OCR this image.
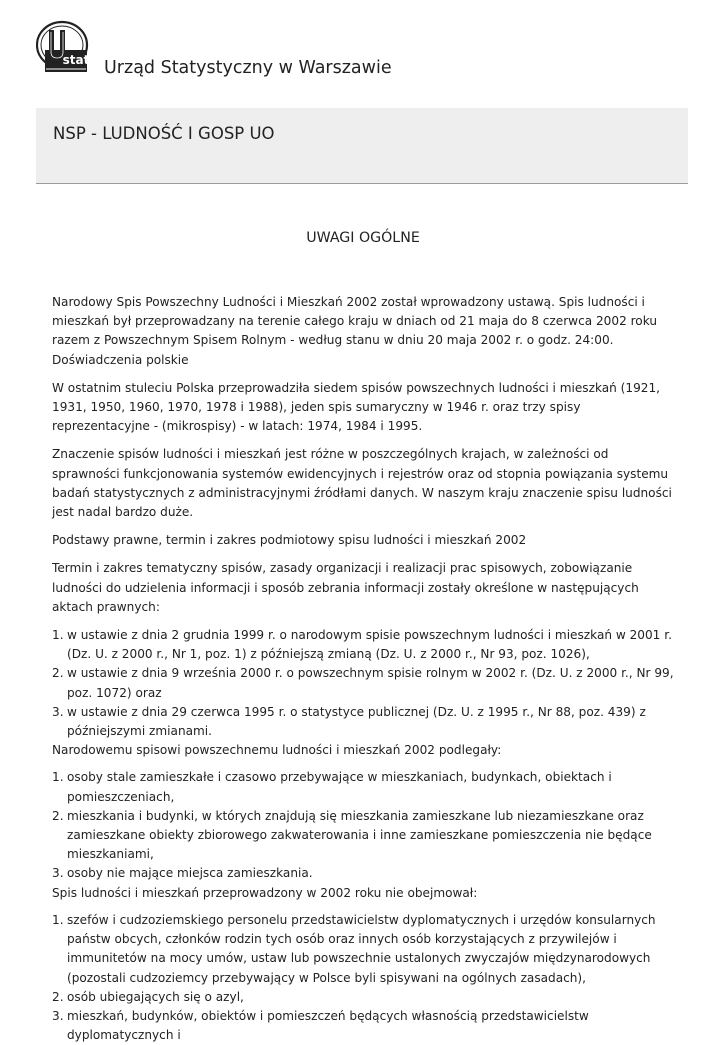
stat Urząd Statystyczny w Warszawie
NSP - LUDNOŚĆ I GOSP UO
UWAGI OGÓLNE

Narodowy Spis Powszechny Ludności i Mieszkań 2002 został wprowadzony ustawą. Spis ludności i mieszkań był przeprowadzany na terenie całego kraju w dniach od 21 maja do 8 czerwca 2002 roku razem z Powszechnym Spisem Rolnym - według stanu w dniu 20 maja 2002 r. o godz. 24:00.

Doświadczenia polskie

W ostatnim stuleciu Polska przeprowadziła siedem spisów powszechnych ludności i mieszkań (1921, 1931, 1950, 1960, 1970, 1978 i 1988), jeden spis sumaryczny w 1946 r. oraz trzy spisy reprezentacyjne - (mikrospisy) - w latach: 1974, 1984 i 1995.

Znaczenie spisów ludności i mieszkań jest różne w poszczególnych krajach, w zależności od sprawności funkcjonowania systemów ewidencyjnych i rejestrów oraz od stopnia powiązania systemu badań statystycznych z administracyjnymi źródłami danych. W naszym kraju znaczenie spisu ludności jest nadal bardzo duże.

Podstawy prawne, termin i zakres podmiotowy spisu ludności i mieszkań 2002

Termin i zakres tematyczny spisów, zasady organizacji i realizacji prac spisowych, zobowiązanie ludności do udzielenia informacji i sposób zebrania informacji zostały określone w następujących aktach prawnych:

1. w ustawie z dnia 2 grudnia 1999 r. o narodowym spisie powszechnym ludności i mieszkań w 2001 r. (Dz. U. z 2000 r., Nr 1, poz. 1) z późniejszą zmianą (Dz. U. z 2000 r., Nr 93, poz. 1026),
2. w ustawie z dnia 9 września 2000 r. o powszechnym spisie rolnym w 2002 r. (Dz. U. z 2000 r., Nr 99, poz. 1072) oraz
3. w ustawie z dnia 29 czerwca 1995 r. o statystyce publicznej (Dz. U. z 1995 r., Nr 88, poz. 439) z późniejszymi zmianami.

Narodowemu spisowi powszechnemu ludności i mieszkań 2002 podlegały:

1. osoby stale zamieszkałe i czasowo przebywające w mieszkaniach, budynkach, obiektach i pomieszczeniach,
2. mieszkania i budynki, w których znajdują się mieszkania zamieszkane lub niezamieszkane oraz zamieszkane obiekty zbiorowego zakwaterowania i inne zamieszkane pomieszczenia nie będące mieszkaniami,
3. osoby nie mające miejsca zamieszkania.

Spis ludności i mieszkań przeprowadzony w 2002 roku nie obejmował:

1. szefów i cudzoziemskiego personelu przedstawicielstw dyplomatycznych i urzędów konsularnych państw obcych, członków rodzin tych osób oraz innych osób korzystających z przywilejów i immunitetów na mocy umów, ustaw lub powszechnie ustalonych zwyczajów międzynarodowych (pozostali cudzoziemcy przebywający w Polsce byli spisywani na ogólnych zasadach),
2. osób ubiegających się o azyl,
3. mieszkań, budynków, obiektów i pomieszczeń będących własnością przedstawicielstw dyplomatycznych i
